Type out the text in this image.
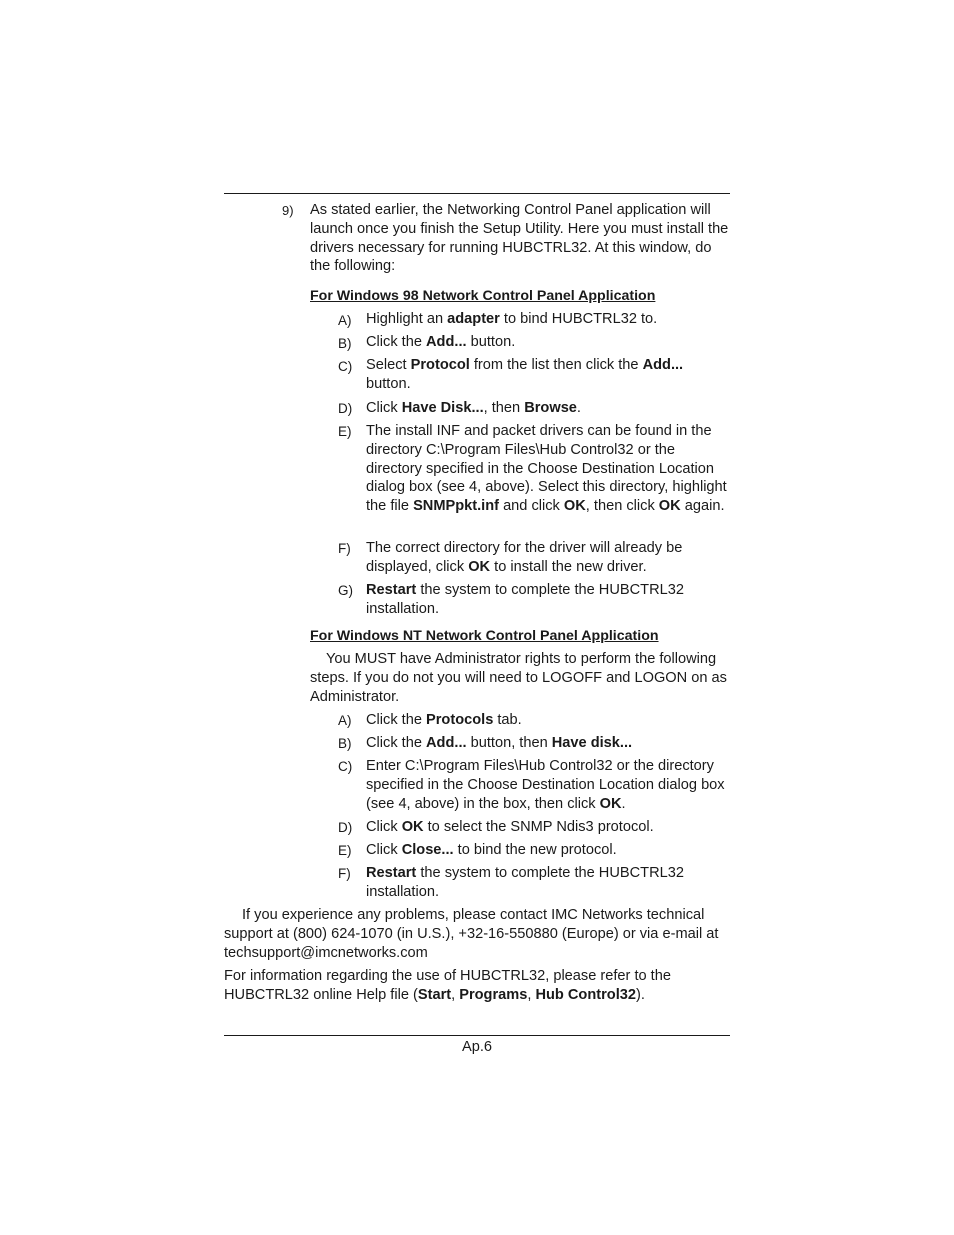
9) As stated earlier, the Networking Control Panel application will launch once you finish the Setup Utility. Here you must install the drivers necessary for running HUBCTRL32. At this window, do the following:
For Windows 98 Network Control Panel Application
A) Highlight an adapter to bind HUBCTRL32 to.
B) Click the Add... button.
C) Select Protocol from the list then click the Add... button.
D) Click Have Disk..., then Browse.
E) The install INF and packet drivers can be found in the directory C:\Program Files\Hub Control32 or the directory specified in the Choose Destination Location dialog box (see 4, above). Select this directory, highlight the file SNMPpkt.inf and click OK, then click OK again.
F) The correct directory for the driver will already be displayed, click OK to install the new driver.
G) Restart the system to complete the HUBCTRL32 installation.
For Windows NT Network Control Panel Application
You MUST have Administrator rights to perform the following steps. If you do not you will need to LOGOFF and LOGON on as Administrator.
A) Click the Protocols tab.
B) Click the Add... button, then Have disk...
C) Enter C:\Program Files\Hub Control32 or the directory specified in the Choose Destination Location dialog box (see 4, above) in the box, then click OK.
D) Click OK to select the SNMP Ndis3 protocol.
E) Click Close... to bind the new protocol.
F) Restart the system to complete the HUBCTRL32 installation.
If you experience any problems, please contact IMC Networks technical support at (800) 624-1070 (in U.S.), +32-16-550880 (Europe) or via e-mail at techsupport@imcnetworks.com
For information regarding the use of HUBCTRL32, please refer to the HUBCTRL32 online Help file (Start, Programs, Hub Control32).
Ap.6
